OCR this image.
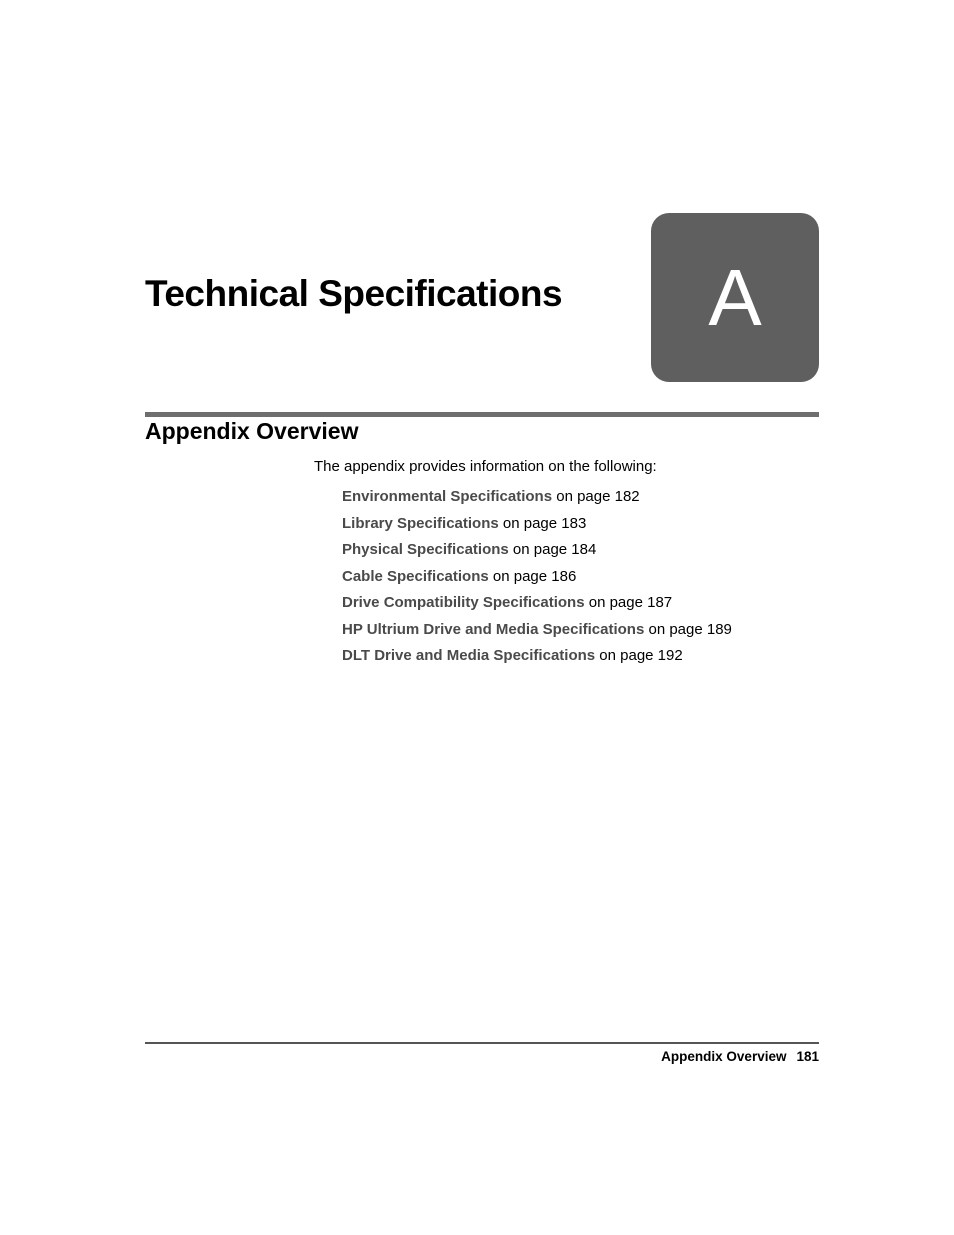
Technical Specifications A
Appendix Overview

The appendix provides information on the following:

Environmental Specifications on page 182
Library Specifications on page 183
Physical Specifications on page 184
Cable Specifications on page 186
Drive Compatibility Specifications on page 187
HP Ultrium Drive and Media Specifications on page 189
DLT Drive and Media Specifications on page 192
Appendix Overview 181
